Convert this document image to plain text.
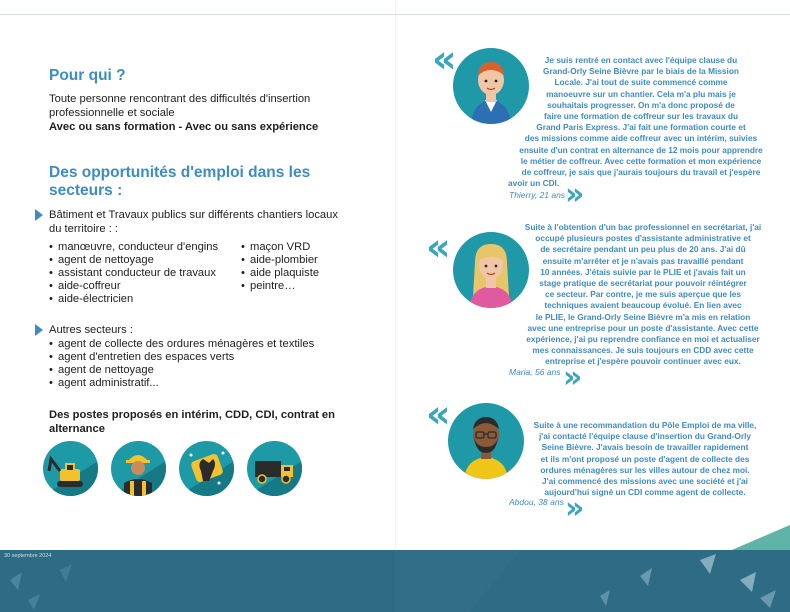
Pour qui ?
Toute personne rencontrant des difficultés d'insertion
professionnelle et sociale
Avec ou sans formation - Avec ou sans expérience
Des opportunités d'emploi dans les
secteurs :
Bâtiment et Travaux publics sur différents chantiers locaux
du territoire : :
• manœuvre, conducteur d'engins
• agent de nettoyage
• assistant conducteur de travaux
• aide-coffreur
• aide-électricien
• maçon VRD
• aide-plombier
• aide plaquiste
• peintre…
Autres secteurs :
• agent de collecte des ordures ménagères et textiles
• agent d'entretien des espaces verts
• agent de nettoyage
• agent administratif...
Des postes proposés en intérim, CDD, CDI, contrat en
alternance
«	Je suis rentré en contact avec l'équipe clause du
Grand-Orly Seine Bièvre par le biais de la Mission
Locale. J'ai tout de suite commencé comme
manoeuvre sur un chantier. Cela m'a plu mais je
souhaitais progresser. On m'a donc proposé de
faire une formation de coffreur sur les travaux du
Grand Paris Express. J'ai fait une formation courte et
des missions comme aide coffreur avec un intérim, suivies
ensuite d'un contrat en alternance de 12 mois pour apprendre
le métier de coffreur. Avec cette formation et mon expérience
de coffreur, je sais que j'aurais toujours du travail et j'espère
avoir un CDI.
Thierry, 21 ans »
«	Suite à l'obtention d'un bac professionnel en secrétariat, j'ai
occupé plusieurs postes d'assistante administrative et
de secrétaire pendant un peu plus de 20 ans. J'ai dû
ensuite m'arrêter et je n'avais pas travaillé pendant
10 années. J'étais suivie par le PLIE et j'avais fait un
stage pratique de secrétariat pour pouvoir réintégrer
ce secteur. Par contre, je me suis aperçue que les
techniques avaient beaucoup évolué. En lien avec
le PLIE, le Grand-Orly Seine Bièvre m'a mis en relation
avec une entreprise pour un poste d'assistante. Avec cette
expérience, j'ai pu reprendre confiance en moi et actualiser
mes connaissances. Je suis toujours en CDD avec cette
entreprise et j'espère pouvoir continuer avec eux.
Maria, 56 ans »
«	Suite à une recommandation du Pôle Emploi de ma ville,
j'ai contacté l'équipe clause d'insertion du Grand-Orly
Seine Bièvre. J'avais besoin de travailler rapidement
et ils m'ont proposé un poste d'agent de collecte des
ordures ménagères sur les villes autour de chez moi.
J'ai commencé des missions avec une société et j'ai
aujourd'hui signé un CDI comme agent de collecte.
Abdou, 38 ans »
30 septembre 2024
